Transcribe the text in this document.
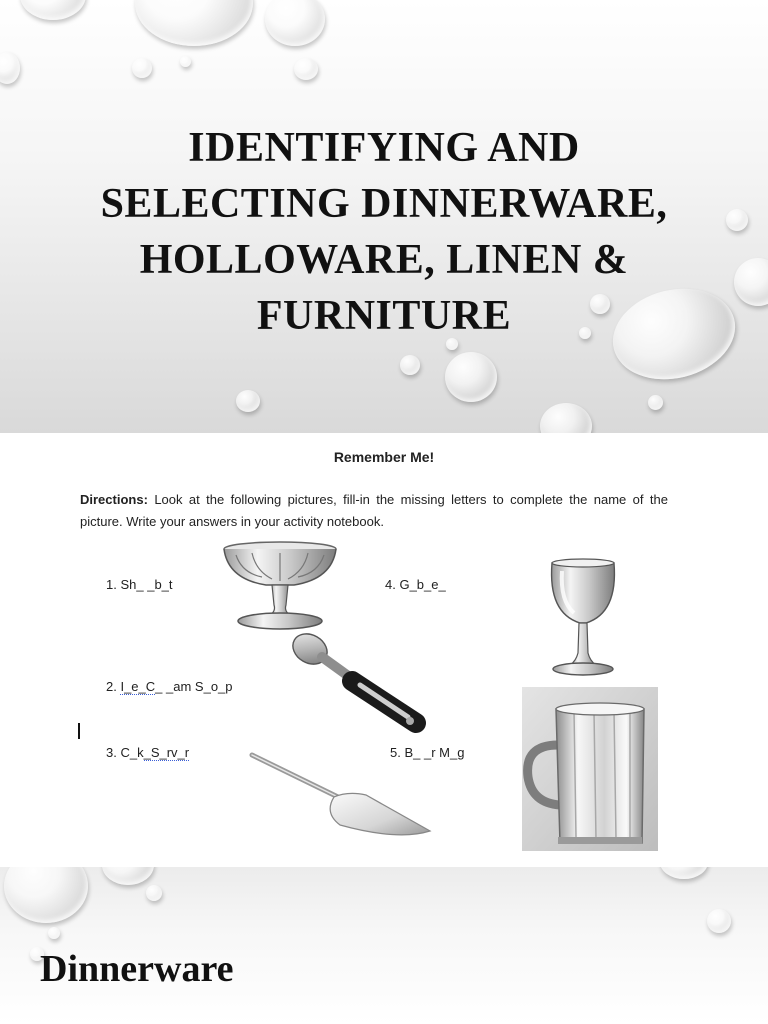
IDENTIFYING AND
SELECTING DINNERWARE,
HOLLOWARE, LINEN &
FURNITURE

Remember Me!

Directions: Look at the following pictures, fill-in the missing letters to complete the name of the picture. Write your answers in your activity notebook.

1. Sh_ _b_t	4. G_b_e_

2. I_e_C_ _am S_o_p

3. C_k_S_rv_r	5. B_ _r M_g

Dinnerware
